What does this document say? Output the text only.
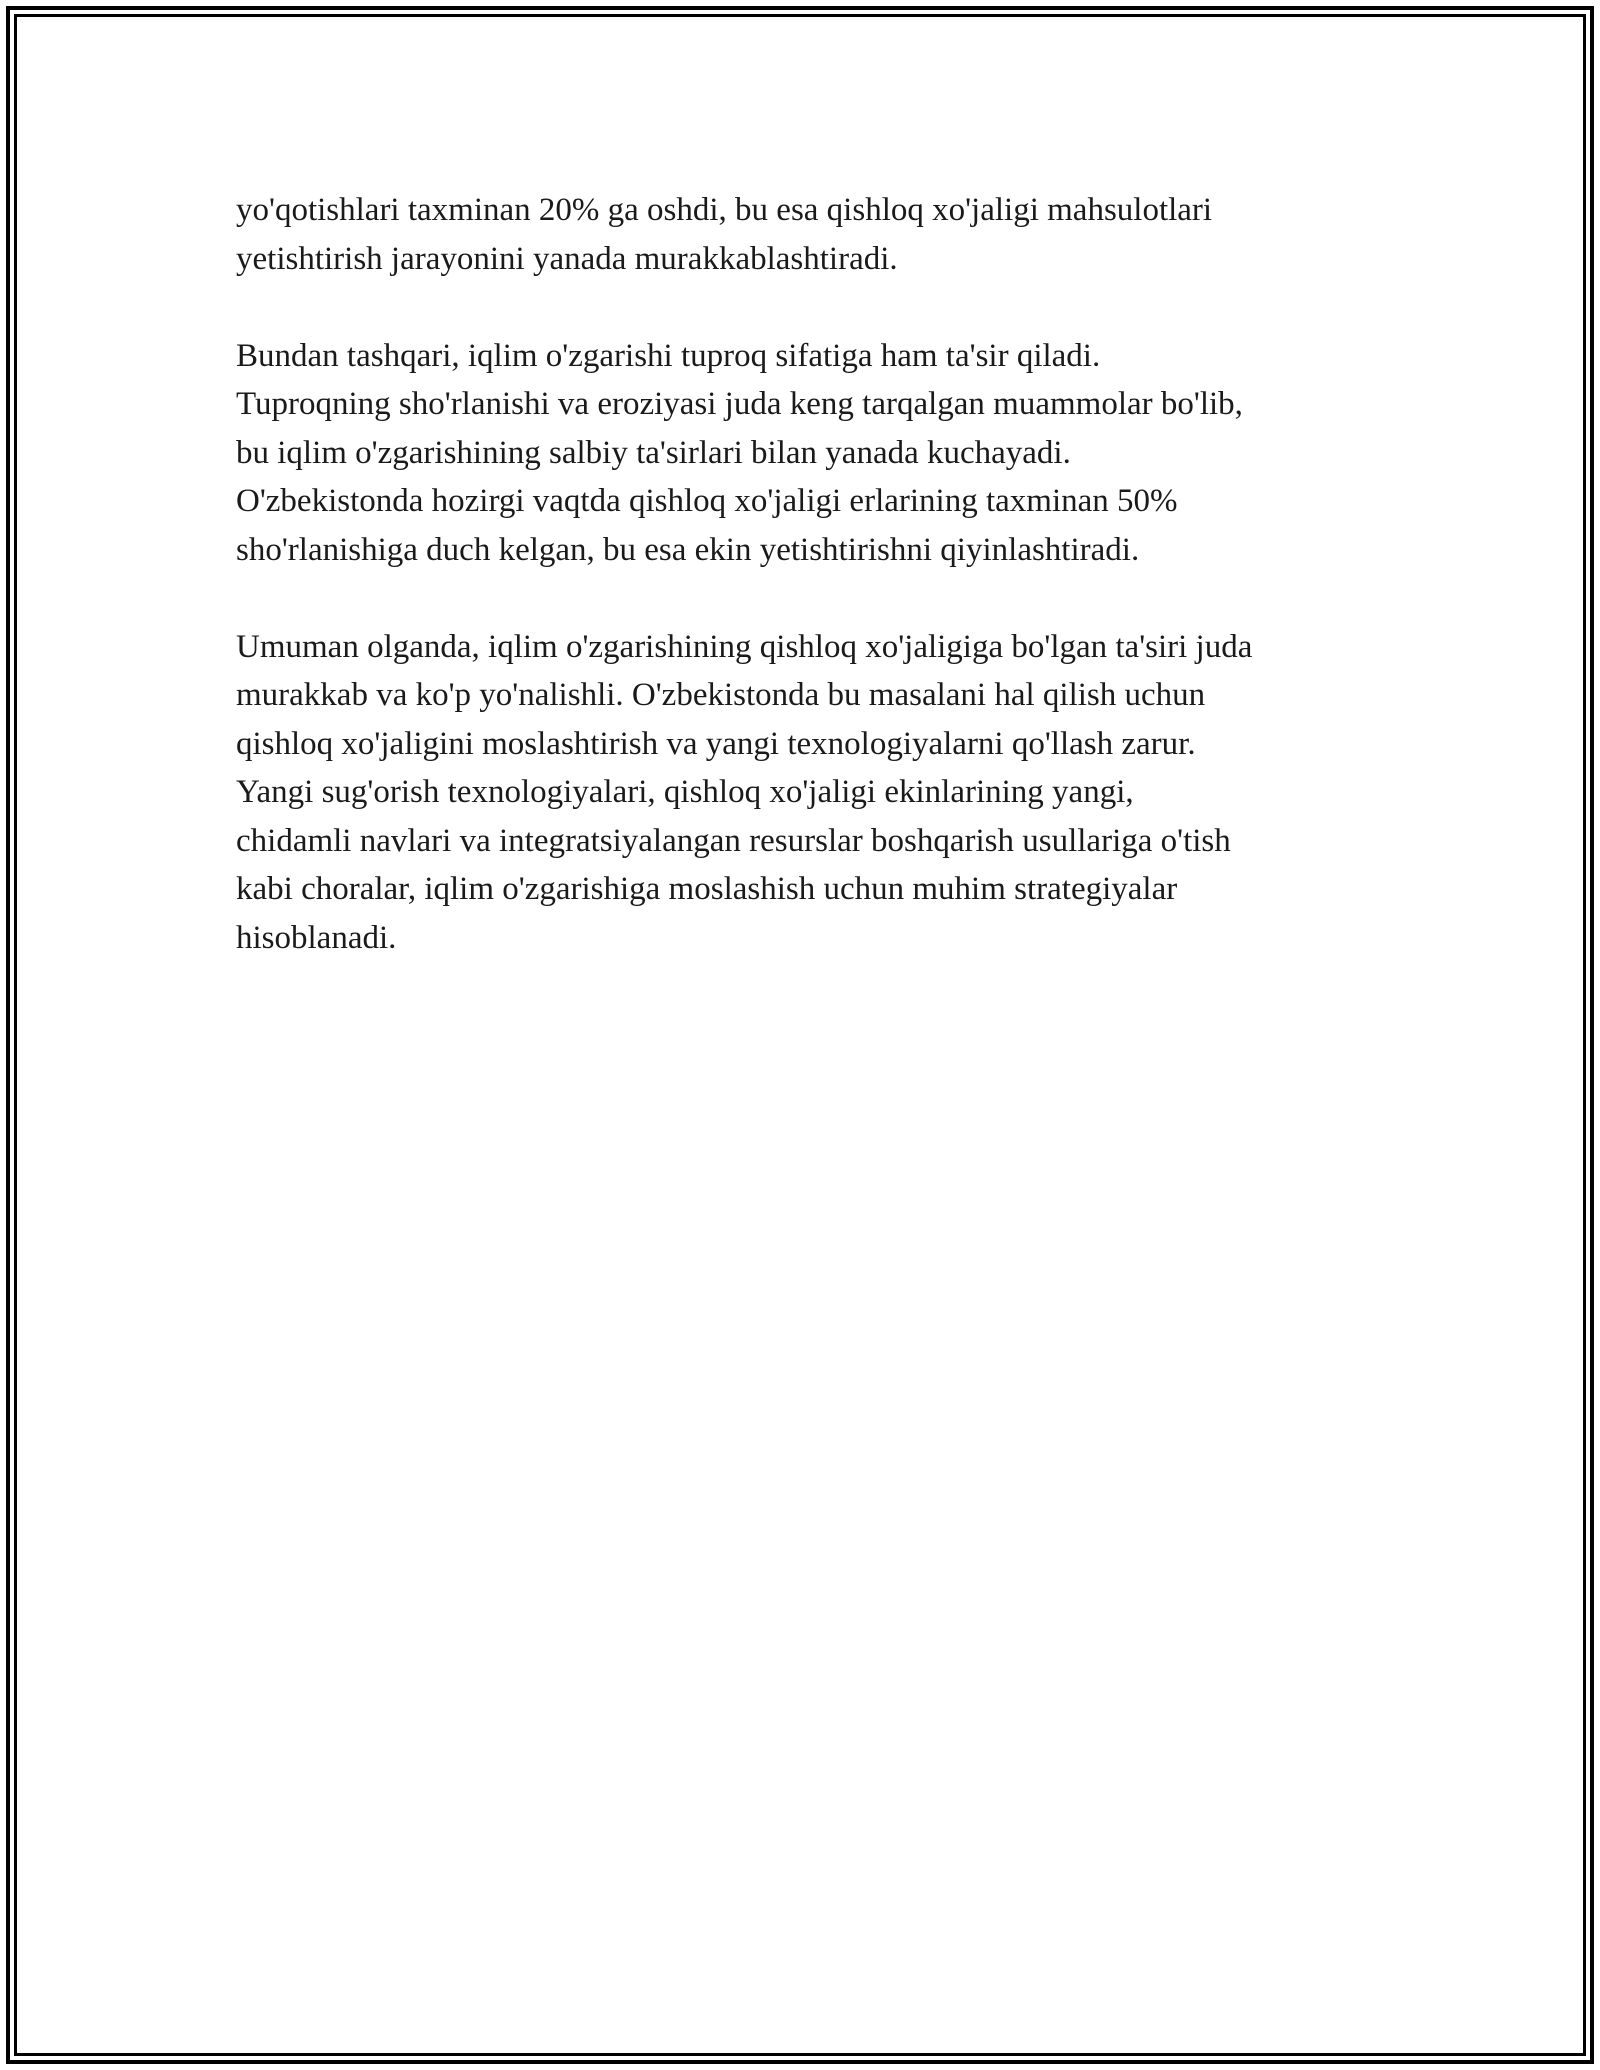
yo'qotishlari taxminan 20% ga oshdi, bu esa qishloq xo'jaligi mahsulotlari
yetishtirish jarayonini yanada murakkablashtiradi.

Bundan tashqari, iqlim o'zgarishi tuproq sifatiga ham ta'sir qiladi.
Tuproqning sho'rlanishi va eroziyasi juda keng tarqalgan muammolar bo'lib,
bu iqlim o'zgarishining salbiy ta'sirlari bilan yanada kuchayadi.
O'zbekistonda hozirgi vaqtda qishloq xo'jaligi erlarining taxminan 50%
sho'rlanishiga duch kelgan, bu esa ekin yetishtirishni qiyinlashtiradi.

Umuman olganda, iqlim o'zgarishining qishloq xo'jaligiga bo'lgan ta'siri juda
murakkab va ko'p yo'nalishli. O'zbekistonda bu masalani hal qilish uchun
qishloq xo'jaligini moslashtirish va yangi texnologiyalarni qo'llash zarur.
Yangi sug'orish texnologiyalari, qishloq xo'jaligi ekinlarining yangi,
chidamli navlari va integratsiyalangan resurslar boshqarish usullariga o'tish
kabi choralar, iqlim o'zgarishiga moslashish uchun muhim strategiyalar
hisoblanadi.
